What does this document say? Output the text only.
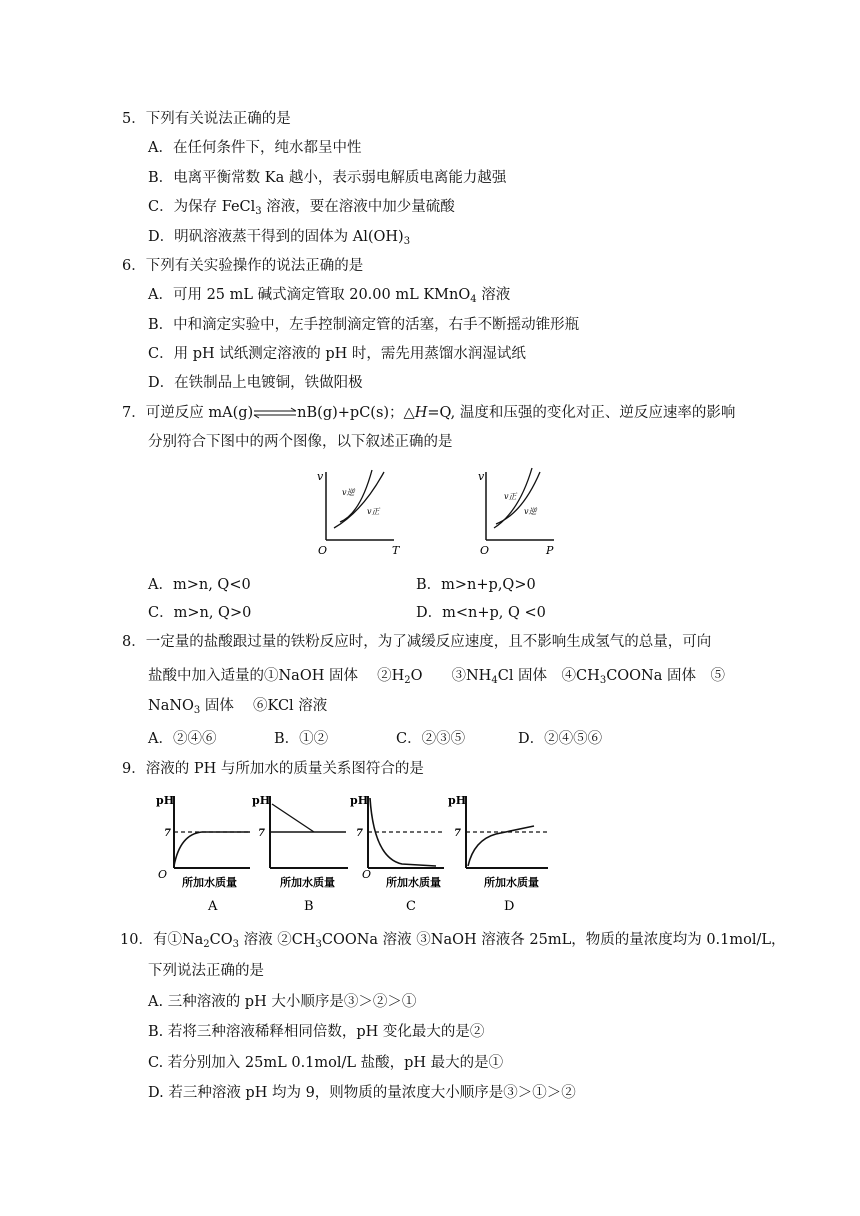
5．下列有关说法正确的是
A．在任何条件下，纯水都呈中性
B．电离平衡常数 Ka 越小，表示弱电解质电离能力越强
C．为保存 FeCl$_3$ 溶液，要在溶液中加少量硫酸
D．明矾溶液蒸干得到的固体为 $Al(OH)_3$
6．下列有关实验操作的说法正确的是
A．可用 25 mL 碱式滴定管取 20.00 mL KMnO$_4$ 溶液
B．中和滴定实验中，左手控制滴定管的活塞，右手不断摇动锥形瓶
C．用 pH 试纸测定溶液的 pH 时，需先用蒸馏水润湿试纸
D．在铁制品上电镀铜，铁做阳极
7．可逆反应 mA(g)⇌nB(g)+pC(s)；△H=Q, 温度和压强的变化对正、逆反应速率的影响
分别符合下图中的两个图像，以下叙述正确的是
v
O	T
v逆
v正
v
O	P
v正
v逆
A．m>n, Q<0	B．m>n+p,Q>0
C．m>n, Q>0	D．m<n+p, Q <0
8．一定量的盐酸跟过量的铁粉反应时，为了减缓反应速度，且不影响生成氢气的总量，可向
盐酸中加入适量的①NaOH 固体　 $②H_2O$　　$③NH_4Cl$ 固体　$④CH_3COONa$ 固体　⑤
NaNO$_3$ 固体　 ⑥KCl 溶液
A．②④⑥	B．①②	C．②③⑤	D．②④⑤⑥
9．溶液的 PH 与所加水的质量关系图符合的是
pH
7
O
所加水质量
A
pH
7
所加水质量
B
pH
7
O
所加水质量
C
pH
7
所加水质量
D
10．有$①Na_2CO_3$ 溶液 $②CH_3COONa$ 溶液 ③NaOH 溶液各 25mL，物质的量浓度均为 0.1mol/L，
下列说法正确的是
A. 三种溶液的 pH 大小顺序是③＞②＞①
B. 若将三种溶液稀释相同倍数，pH 变化最大的是②
C. 若分别加入 25mL 0.1mol/L 盐酸，pH 最大的是①
D. 若三种溶液 pH 均为 9，则物质的量浓度大小顺序是③＞①＞②
